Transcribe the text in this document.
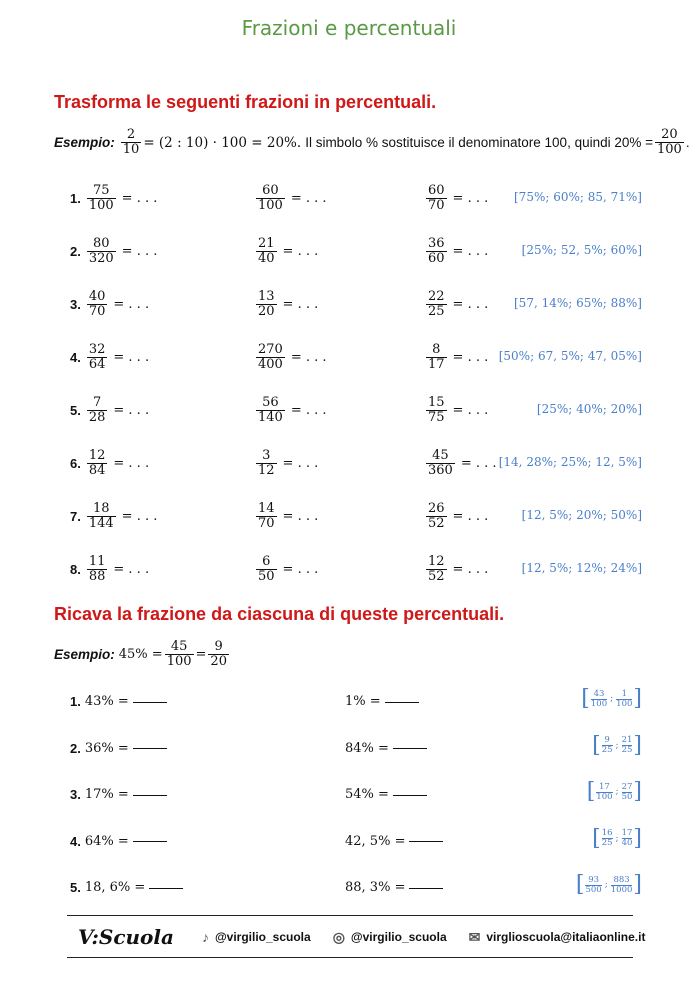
Frazioni e percentuali
Trasforma le seguenti frazioni in percentuali.
Esempio: $\frac{2}{10} = (2$ : 10) · 100 = 20%. Il simbolo % sostituisce il denominatore 100, quindi $20\% = \frac{20}{100}$ .
1. $\frac{75}{100}$ = . . .	$\frac{60}{100}$ = . . .	$\frac{60}{70}$ = . . . [75%; 60%; 85, 71%]
2. $\frac{80}{320}$ = . . .	$\frac{21}{40}$ = . . .	$\frac{36}{60}$ = . . .	[25%; 52, 5%; 60%]
3. $\frac{40}{70}$ = . . .	$\frac{13}{20}$ = . . .	$\frac{22}{25}$ = . . . [57, 14%; 65%; 88%]
4. $\frac{32}{64}$ = . . .	$\frac{270}{400}$ = . . .	$\frac{8}{17}$ = . . . [50%; 67, 5%; 47, 05%]
5. $\frac{7}{28}$ = . . .	$\frac{56}{140}$ = . . .	$\frac{15}{75}$ = . . .	[25%; 40%; 20%]
6. $\frac{12}{84}$ = . . .	$\frac{3}{12}$ = . . .	$\frac{45}{360}$ = . . . [14, 28%; 25%; 12, 5%]
7. $\frac{18}{144}$ = . . .	$\frac{14}{70}$ = . . .	$\frac{26}{52}$ = . . .	[12, 5%; 20%; 50%]
8. $\frac{11}{88}$ = . . .	$\frac{6}{50}$ = . . .	$\frac{12}{52}$ = . . .	[12, 5%; 12%; 24%]
Ricava la frazione da ciascuna di queste percentuali.
Esempio: $45\% = \frac{45}{100} = \frac{9}{20}$
1. 43% =	1% =	[ $\frac{43}{100}$ ; $\frac{1}{100}$ ]
2. 36% =	84% =	[ $\frac{9}{25}$ ; $\frac{21}{25}$ ]
3. 17% =	54% =	[ $\frac{17}{100}$ ; $\frac{27}{50}$ ]
4. 64% =	42, 5% =	[ $\frac{16}{25}$ ; $\frac{17}{40}$ ]
5. 18, 6% =	88, 3% =	[ $\frac{93}{500}$ ; $\frac{883}{1000}$ ]
V:Scuola ♪ @virgilio_scuola ◎ @virgilio_scuola ✉ virglioscuola@italiaonline.it
